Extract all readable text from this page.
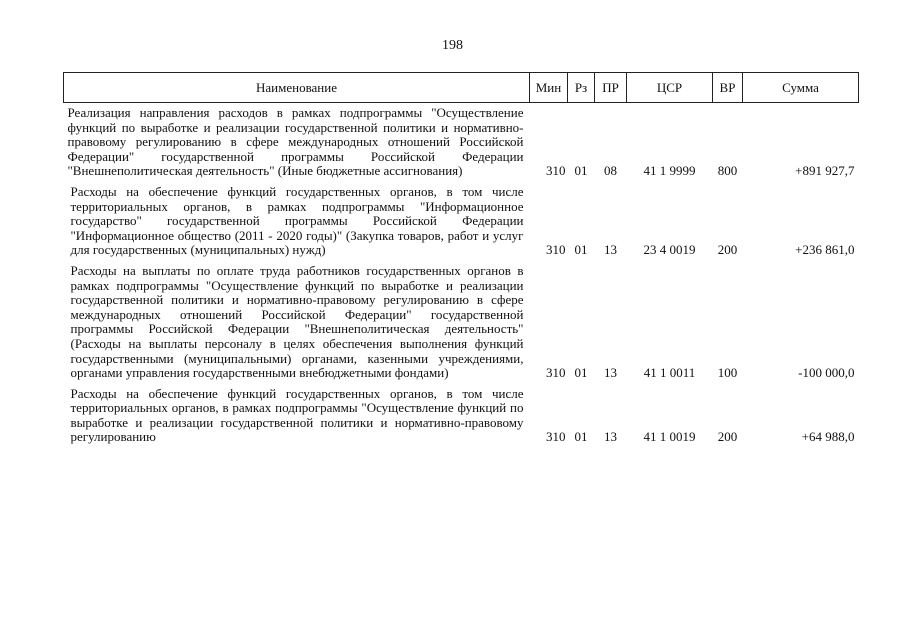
198
Наименование	Мин	Рз	ПР	ЦСР	ВР	Сумма
Реализация направления расходов в рамках подпрограммы "Осуществление функций по выработке и реализации государственной политики и нормативно-правовому регулированию в сфере международных отношений Российской Федерации" государственной программы Российской Федерации "Внешнеполитическая деятельность" (Иные бюджетные ассигнования)	310	01	08	41 1 9999	800	+891 927,7
Расходы на обеспечение функций государственных органов, в том числе территориальных органов, в рамках подпрограммы "Информационное государство" государственной программы Российской Федерации "Информационное общество (2011 - 2020 годы)" (Закупка товаров, работ и услуг для государственных (муниципальных) нужд)	310	01	13	23 4 0019	200	+236 861,0
Расходы на выплаты по оплате труда работников государственных органов в рамках подпрограммы "Осуществление функций по выработке и реализации государственной политики и нормативно-правовому регулированию в сфере международных отношений Российской Федерации" государственной программы Российской Федерации "Внешнеполитическая деятельность" (Расходы на выплаты персоналу в целях обеспечения выполнения функций государственными (муниципальными) органами, казенными учреждениями, органами управления государственными внебюджетными фондами)	310	01	13	41 1 0011	100	-100 000,0
Расходы на обеспечение функций государственных органов, в том числе территориальных органов, в рамках подпрограммы "Осуществление функций по выработке и реализации государственной политики и нормативно-правовому регулированию	310	01	13	41 1 0019	200	+64 988,0
